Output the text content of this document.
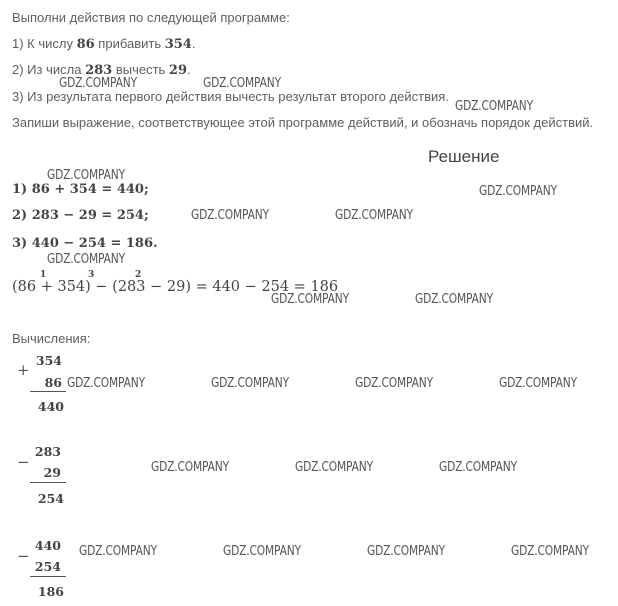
Выполни действия по следующей программе:
1) К числу 86 прибавить 354.
2) Из числа 283 вычесть 29.
3) Из результата первого действия вычесть результат второго действия.
Запиши выражение, соответствующее этой программе действий, и обозначь порядок действий.
Решение
1) 86 + 354 = 440;
2) 283 − 29 = 254;
3) 440 − 254 = 186.
(86 + 354) − (283 − 29) = 440 − 254 = 186
1	3	2
Вычисления:
+
354
86
440
−
283
29
254
−
440
254
186
GDZ.COMPANY	GDZ.COMPANY
GDZ.COMPANY
GDZ.COMPANY
GDZ.COMPANY
GDZ.COMPANY	GDZ.COMPANY
GDZ.COMPANY
GDZ.COMPANY	GDZ.COMPANY
GDZ.COMPANY	GDZ.COMPANY	GDZ.COMPANY	GDZ.COMPANY
GDZ.COMPANY	GDZ.COMPANY	GDZ.COMPANY
GDZ.COMPANY	GDZ.COMPANY	GDZ.COMPANY	GDZ.COMPANY
